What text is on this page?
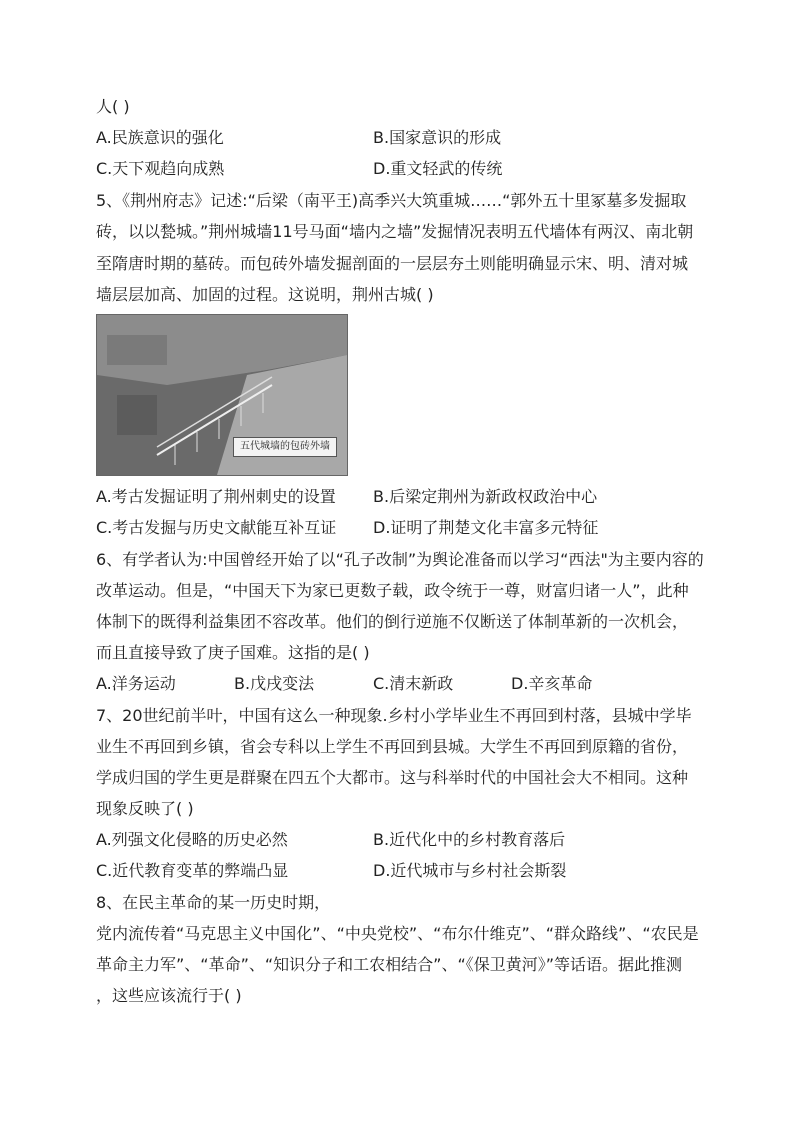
人( )
A.民族意识的强化	B.国家意识的形成
C.天下观趋向成熟	D.重文轻武的传统
5、《荆州府志》记述:“后梁（南平王)高季兴大筑重城……“郭外五十里冢墓多发掘取
砖，以以甃城。”荆州城墙11号马面“墙内之墙”发掘情况表明五代墙体有两汉、南北朝
至隋唐时期的墓砖。而包砖外墙发掘剖面的一层层夯土则能明确显示宋、明、清对城
墙层层加高、加固的过程。这说明，荆州古城( )
五代城墙的包砖外墙
A.考古发掘证明了荆州刺史的设置 B.后梁定荆州为新政权政治中心
C.考古发掘与历史文献能互补互证 D.证明了荆楚文化丰富多元特征
6、有学者认为:中国曾经开始了以“孔子改制”为舆论准备而以学习“西法"为主要内容的
改革运动。但是，“中国天下为家已更数子载，政令统于一尊，财富归诸一人”，此种
体制下的既得利益集团不容改革。他们的倒行逆施不仅断送了体制革新的一次机会，
而且直接导致了庚子国难。这指的是( )
A.洋务运动	B.戊戌变法	C.清末新政	D.辛亥革命
7、20世纪前半叶，中国有这么一种现象.乡村小学毕业生不再回到村落，县城中学毕
业生不再回到乡镇，省会专科以上学生不再回到县城。大学生不再回到原籍的省份，
学成归国的学生更是群聚在四五个大都市。这与科举时代的中国社会大不相同。这种
现象反映了( )
A.列强文化侵略的历史必然	B.近代化中的乡村教育落后
C.近代教育变革的弊端凸显	D.近代城市与乡村社会斯裂
8、在民主革命的某一历史时期，
党内流传着“马克思主义中国化”、“中央党校”、“布尔什维克”、“群众路线”、“农民是
革命主力军”、“革命”、“知识分子和工农相结合”、“《保卫黄河》”等话语。据此推测
，这些应该流行于( )
